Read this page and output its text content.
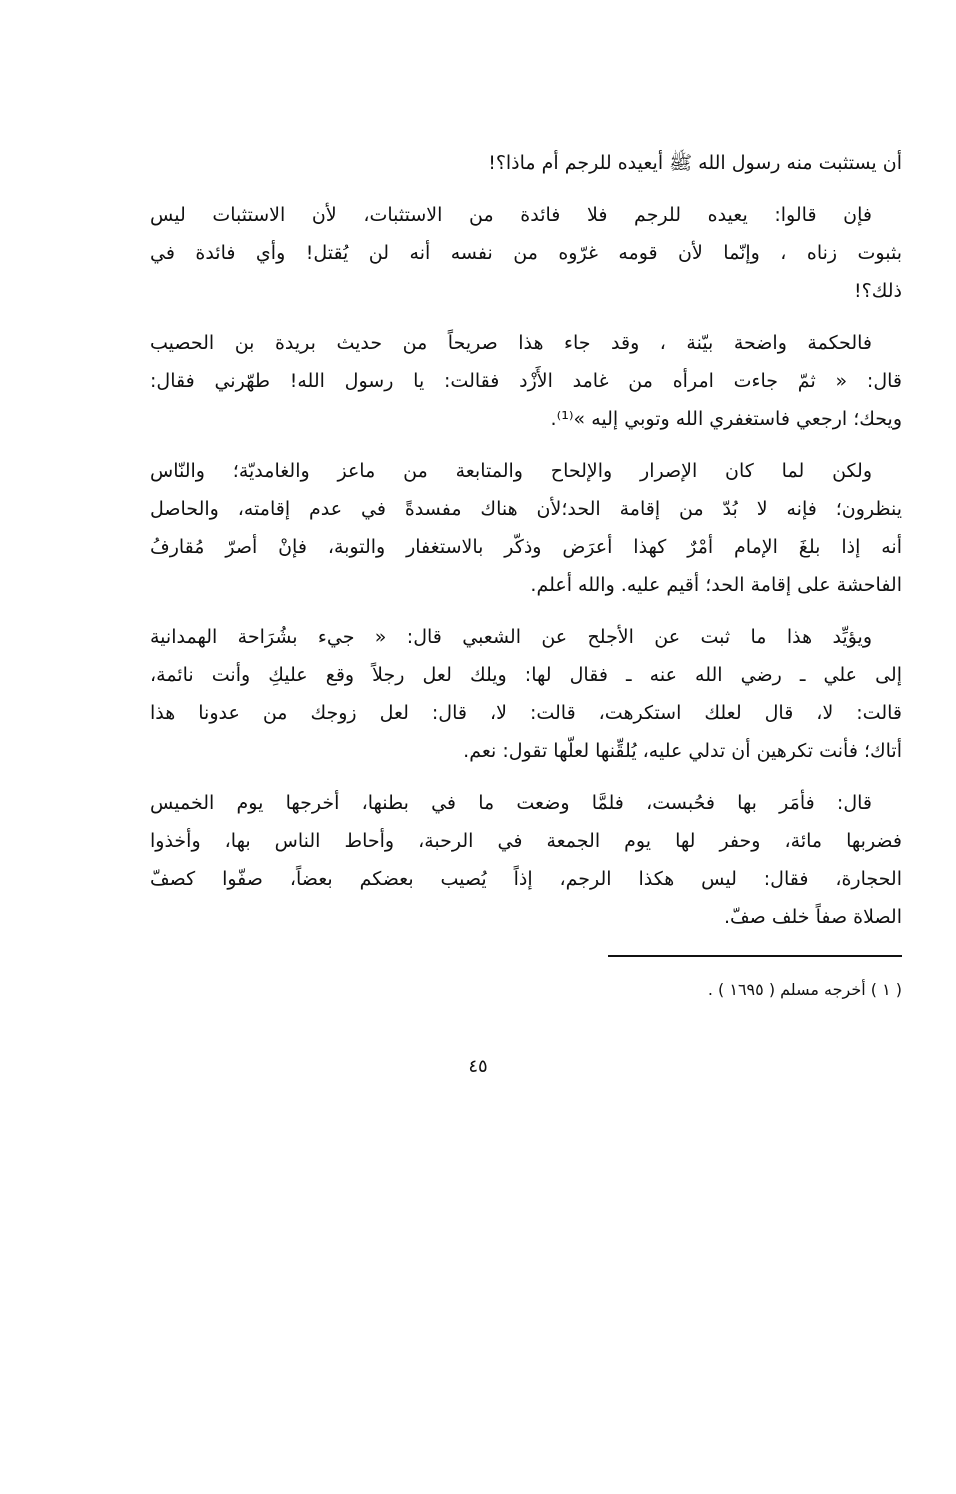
أن يستثبت منه رسول الله ﷺ أيعيده للرجم أم ماذا؟!
فإن قالوا: يعيده للرجم فلا فائدة من الاستثبات، لأن الاستثبات ليس
بثبوت زناه ، وإنّما لأن قومه غرّوه من نفسه أنه لن يُقتل! وأي فائدة في
ذلك؟!
فالحكمة واضحة بيّنة ، وقد جاء هذا صريحاً من حديث بريدة بن الحصيب
قال: « ثمّ جاءت امرأه من غامد الأَزْد فقالت: يا رسول الله! طهّرني فقال:
ويحك؛ ارجعي فاستغفري الله وتوبي إليه »⁽¹⁾.
ولكن لما كان الإصرار والإلحاح والمتابعة من ماعز والغامديّة؛ والنّاس
ينظرون؛ فإنه لا بُدّ من إقامة الحد؛لأن هناك مفسدةً في عدم إقامته، والحاصل
أنه إذا بلغَ الإمام أمْرٌ كهذا أعرَض وذكّر بالاستغفار والتوبة، فإنْ أصرّ مُقارفُ
الفاحشة على إقامة الحد؛ أقيم عليه. والله أعلم.
ويؤيِّد هذا ما ثبت عن الأجلح عن الشعبي قال: « جيء بشُرَاحة الهمدانية
إلى علي ـ رضي الله عنه ـ فقال لها: ويلك لعل رجلاً وقع عليكِ وأنت نائمة،
قالت: لا، قال لعلك استكرهت، قالت: لا، قال: لعل زوجك من عدونا هذا
أتاك؛ فأنت تكرهين أن تدلي عليه، يُلقِّنها لعلّها تقول: نعم.
قال: فأمَر بها فحُبست، فلمَّا وضعت ما في بطنها، أخرجها يوم الخميس
فضربها مائة، وحفر لها يوم الجمعة في الرحبة، وأحاط الناس بها، وأخذوا
الحجارة، فقال: ليس هكذا الرجم، إذاً يُصيب بعضكم بعضاً، صفّوا كصفّ
الصلاة صفاً خلف صفّ.
( ١ ) أخرجه مسلم ( ١٦٩٥ ) .
٤٥
